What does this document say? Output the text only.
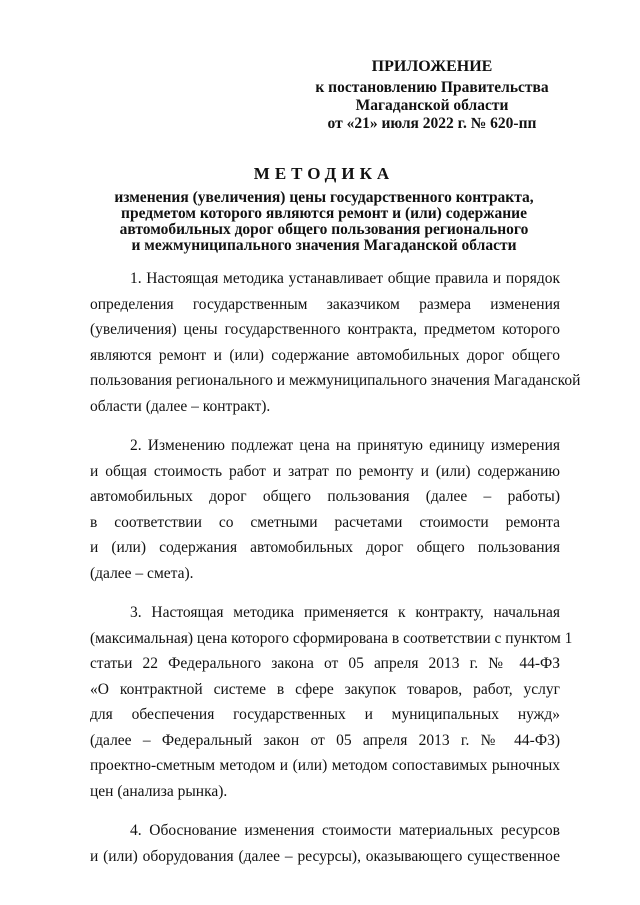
ПРИЛОЖЕНИЕ
к постановлению Правительства
Магаданской области
от «21» июля 2022 г. № 620-пп
МЕТОДИКА
изменения (увеличения) цены государственного контракта,
предметом которого являются ремонт и (или) содержание
автомобильных дорог общего пользования регионального
и межмуниципального значения Магаданской области
1. Настоящая методика устанавливает общие правила и порядок
определения государственным заказчиком размера изменения
(увеличения) цены государственного контракта, предметом которого
являются ремонт и (или) содержание автомобильных дорог общего
пользования регионального и межмуниципального значения Магаданской
области (далее – контракт).
2. Изменению подлежат цена на принятую единицу измерения
и общая стоимость работ и затрат по ремонту и (или) содержанию
автомобильных дорог общего пользования (далее – работы)
в соответствии со сметными расчетами стоимости ремонта
и (или) содержания автомобильных дорог общего пользования
(далее – смета).
3. Настоящая методика применяется к контракту, начальная
(максимальная) цена которого сформирована в соответствии с пунктом 1
статьи 22 Федерального закона от 05 апреля 2013 г. № 44-ФЗ
«О контрактной системе в сфере закупок товаров, работ, услуг
для обеспечения государственных и муниципальных нужд»
(далее – Федеральный закон от 05 апреля 2013 г. № 44-ФЗ)
проектно-сметным методом и (или) методом сопоставимых рыночных
цен (анализа рынка).
4. Обоснование изменения стоимости материальных ресурсов
и (или) оборудования (далее – ресурсы), оказывающего существенное
